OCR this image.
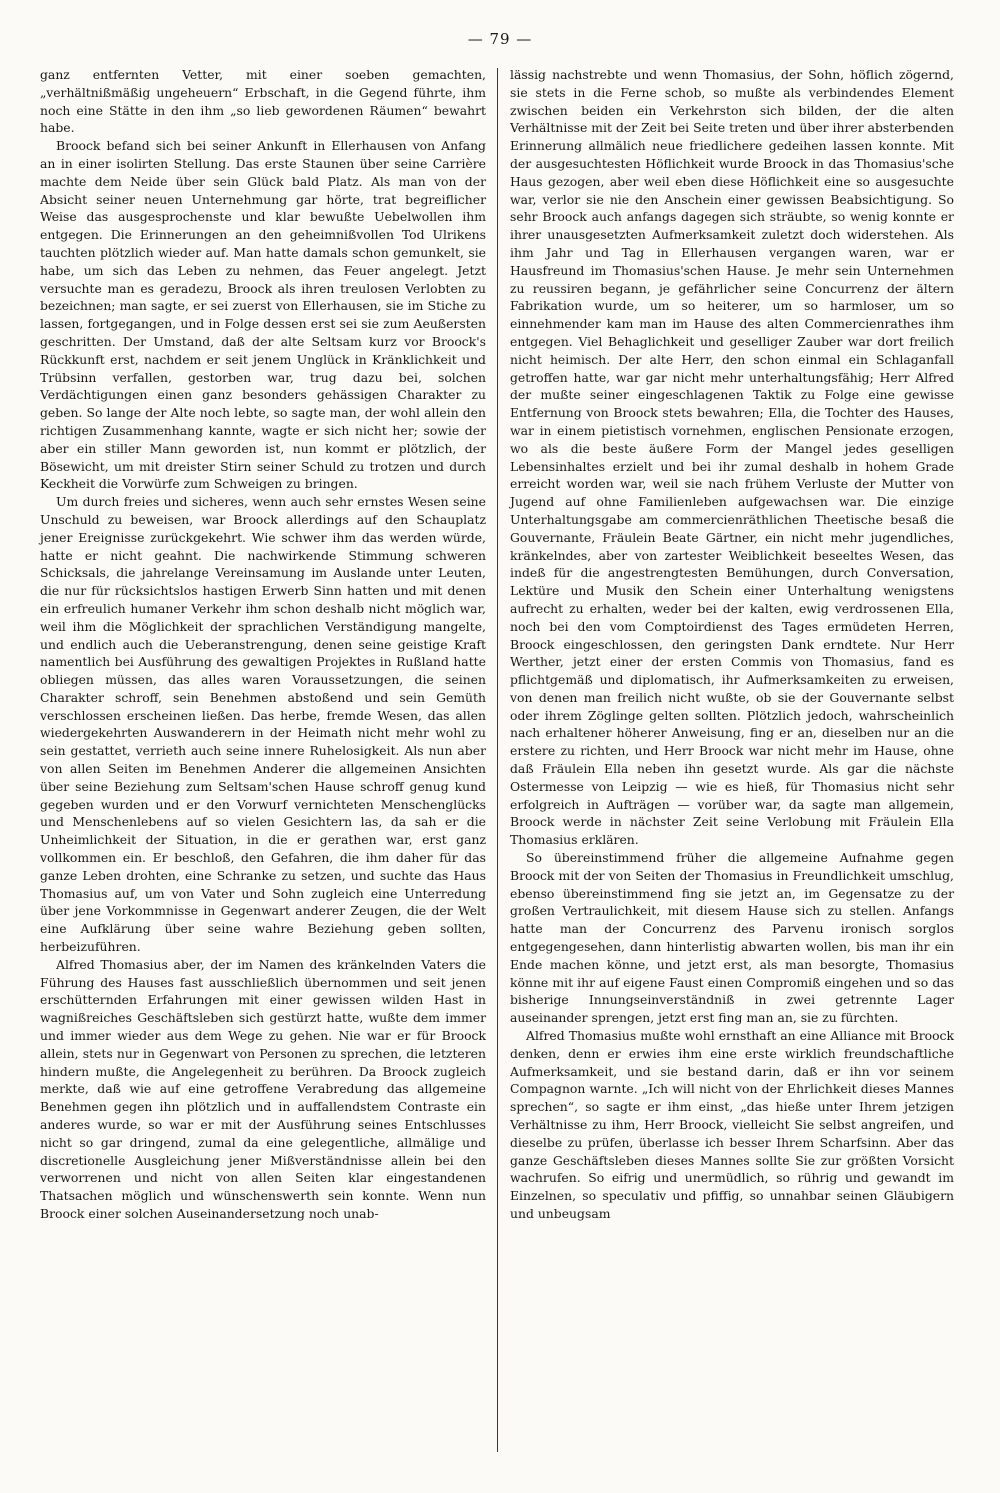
— 79 —

ganz entfernten Vetter, mit einer soeben gemachten, „verhältnißmäßig ungeheuern“ Erbschaft, in die Gegend führte, ihm noch eine Stätte in den ihm „so lieb gewordenen Räumen“ bewahrt habe.

Broock befand sich bei seiner Ankunft in Ellerhausen von Anfang an in einer isolirten Stellung. Das erste Staunen über seine Carrière machte dem Neide über sein Glück bald Platz. Als man von der Absicht seiner neuen Unternehmung gar hörte, trat begreiflicher Weise das ausgesprochenste und klar bewußte Uebelwollen ihm entgegen. Die Erinnerungen an den geheimnißvollen Tod Ulrikens tauchten plötzlich wieder auf. Man hatte damals schon gemunkelt, sie habe, um sich das Leben zu nehmen, das Feuer angelegt. Jetzt versuchte man es geradezu, Broock als ihren treulosen Verlobten zu bezeichnen; man sagte, er sei zuerst von Ellerhausen, sie im Stiche zu lassen, fortgegangen, und in Folge dessen erst sei sie zum Aeußersten geschritten. Der Umstand, daß der alte Seltsam kurz vor Broock's Rückkunft erst, nachdem er seit jenem Unglück in Kränklichkeit und Trübsinn verfallen, gestorben war, trug dazu bei, solchen Verdächtigungen einen ganz besonders gehässigen Charakter zu geben. So lange der Alte noch lebte, so sagte man, der wohl allein den richtigen Zusammenhang kannte, wagte er sich nicht her; sowie der aber ein stiller Mann geworden ist, nun kommt er plötzlich, der Bösewicht, um mit dreister Stirn seiner Schuld zu trotzen und durch Keckheit die Vorwürfe zum Schweigen zu bringen.

Um durch freies und sicheres, wenn auch sehr ernstes Wesen seine Unschuld zu beweisen, war Broock allerdings auf den Schauplatz jener Ereignisse zurückgekehrt. Wie schwer ihm das werden würde, hatte er nicht geahnt. Die nachwirkende Stimmung schweren Schicksals, die jahrelange Vereinsamung im Auslande unter Leuten, die nur für rücksichtslos hastigen Erwerb Sinn hatten und mit denen ein erfreulich humaner Verkehr ihm schon deshalb nicht möglich war, weil ihm die Möglichkeit der sprachlichen Verständigung mangelte, und endlich auch die Ueberanstrengung, denen seine geistige Kraft namentlich bei Ausführung des gewaltigen Projektes in Rußland hatte obliegen müssen, das alles waren Voraussetzungen, die seinen Charakter schroff, sein Benehmen abstoßend und sein Gemüth verschlossen erscheinen ließen. Das herbe, fremde Wesen, das allen wiedergekehrten Auswanderern in der Heimath nicht mehr wohl zu sein gestattet, verrieth auch seine innere Ruhelosigkeit. Als nun aber von allen Seiten im Benehmen Anderer die allgemeinen Ansichten über seine Beziehung zum Seltsam'schen Hause schroff genug kund gegeben wurden und er den Vorwurf vernichteten Menschenglücks und Menschenlebens auf so vielen Gesichtern las, da sah er die Unheimlichkeit der Situation, in die er gerathen war, erst ganz vollkommen ein. Er beschloß, den Gefahren, die ihm daher für das ganze Leben drohten, eine Schranke zu setzen, und suchte das Haus Thomasius auf, um von Vater und Sohn zugleich eine Unterredung über jene Vorkommnisse in Gegenwart anderer Zeugen, die der Welt eine Aufklärung über seine wahre Beziehung geben sollten, herbeizuführen.

Alfred Thomasius aber, der im Namen des kränkelnden Vaters die Führung des Hauses fast ausschließlich übernommen und seit jenen erschütternden Erfahrungen mit einer gewissen wilden Hast in wagnißreiches Geschäftsleben sich gestürzt hatte, wußte dem immer und immer wieder aus dem Wege zu gehen. Nie war er für Broock allein, stets nur in Gegenwart von Personen zu sprechen, die letzteren hindern mußte, die Angelegenheit zu berühren. Da Broock zugleich merkte, daß wie auf eine getroffene Verabredung das allgemeine Benehmen gegen ihn plötzlich und in auffallendstem Contraste ein anderes wurde, so war er mit der Ausführung seines Entschlusses nicht so gar dringend, zumal da eine gelegentliche, allmälige und discretionelle Ausgleichung jener Mißverständnisse allein bei den verworrenen und nicht von allen Seiten klar eingestandenen Thatsachen möglich und wünschenswerth sein konnte. Wenn nun Broock einer solchen Auseinandersetzung noch unab-

lässig nachstrebte und wenn Thomasius, der Sohn, höflich zögernd, sie stets in die Ferne schob, so mußte als verbindendes Element zwischen beiden ein Verkehrston sich bilden, der die alten Verhältnisse mit der Zeit bei Seite treten und über ihrer absterbenden Erinnerung allmälich neue friedlichere gedeihen lassen konnte. Mit der ausgesuchtesten Höflichkeit wurde Broock in das Thomasius'sche Haus gezogen, aber weil eben diese Höflichkeit eine so ausgesuchte war, verlor sie nie den Anschein einer gewissen Beabsichtigung. So sehr Broock auch anfangs dagegen sich sträubte, so wenig konnte er ihrer unausgesetzten Aufmerksamkeit zuletzt doch widerstehen. Als ihm Jahr und Tag in Ellerhausen vergangen waren, war er Hausfreund im Thomasius'schen Hause. Je mehr sein Unternehmen zu reussiren begann, je gefährlicher seine Concurrenz der ältern Fabrikation wurde, um so heiterer, um so harmloser, um so einnehmender kam man im Hause des alten Commercienrathes ihm entgegen. Viel Behaglichkeit und geselliger Zauber war dort freilich nicht heimisch. Der alte Herr, den schon einmal ein Schlaganfall getroffen hatte, war gar nicht mehr unterhaltungsfähig; Herr Alfred der mußte seiner eingeschlagenen Taktik zu Folge eine gewisse Entfernung von Broock stets bewahren; Ella, die Tochter des Hauses, war in einem pietistisch vornehmen, englischen Pensionate erzogen, wo als die beste äußere Form der Mangel jedes geselligen Lebensinhaltes erzielt und bei ihr zumal deshalb in hohem Grade erreicht worden war, weil sie nach frühem Verluste der Mutter von Jugend auf ohne Familienleben aufgewachsen war. Die einzige Unterhaltungsgabe am commercienräthlichen Theetische besaß die Gouvernante, Fräulein Beate Gärtner, ein nicht mehr jugendliches, kränkelndes, aber von zartester Weiblichkeit beseeltes Wesen, das indeß für die angestrengtesten Bemühungen, durch Conversation, Lektüre und Musik den Schein einer Unterhaltung wenigstens aufrecht zu erhalten, weder bei der kalten, ewig verdrossenen Ella, noch bei den vom Comptoirdienst des Tages ermüdeten Herren, Broock eingeschlossen, den geringsten Dank erndtete. Nur Herr Werther, jetzt einer der ersten Commis von Thomasius, fand es pflichtgemäß und diplomatisch, ihr Aufmerksamkeiten zu erweisen, von denen man freilich nicht wußte, ob sie der Gouvernante selbst oder ihrem Zöglinge gelten sollten. Plötzlich jedoch, wahrscheinlich nach erhaltener höherer Anweisung, fing er an, dieselben nur an die erstere zu richten, und Herr Broock war nicht mehr im Hause, ohne daß Fräulein Ella neben ihn gesetzt wurde. Als gar die nächste Ostermesse von Leipzig — wie es hieß, für Thomasius nicht sehr erfolgreich in Aufträgen — vorüber war, da sagte man allgemein, Broock werde in nächster Zeit seine Verlobung mit Fräulein Ella Thomasius erklären.

So übereinstimmend früher die allgemeine Aufnahme gegen Broock mit der von Seiten der Thomasius in Freundlichkeit umschlug, ebenso übereinstimmend fing sie jetzt an, im Gegensatze zu der großen Vertraulichkeit, mit diesem Hause sich zu stellen. Anfangs hatte man der Concurrenz des Parvenu ironisch sorglos entgegengesehen, dann hinterlistig abwarten wollen, bis man ihr ein Ende machen könne, und jetzt erst, als man besorgte, Thomasius könne mit ihr auf eigene Faust einen Compromiß eingehen und so das bisherige Innungseinverständniß in zwei getrennte Lager auseinander sprengen, jetzt erst fing man an, sie zu fürchten.

Alfred Thomasius mußte wohl ernsthaft an eine Alliance mit Broock denken, denn er erwies ihm eine erste wirklich freundschaftliche Aufmerksamkeit, und sie bestand darin, daß er ihn vor seinem Compagnon warnte. „Ich will nicht von der Ehrlichkeit dieses Mannes sprechen“, so sagte er ihm einst, „das hieße unter Ihrem jetzigen Verhältnisse zu ihm, Herr Broock, vielleicht Sie selbst angreifen, und dieselbe zu prüfen, überlasse ich besser Ihrem Scharfsinn. Aber das ganze Geschäftsleben dieses Mannes sollte Sie zur größten Vorsicht wachrufen. So eifrig und unermüdlich, so rührig und gewandt im Einzelnen, so speculativ und pfiffig, so unnahbar seinen Gläubigern und unbeugsam
